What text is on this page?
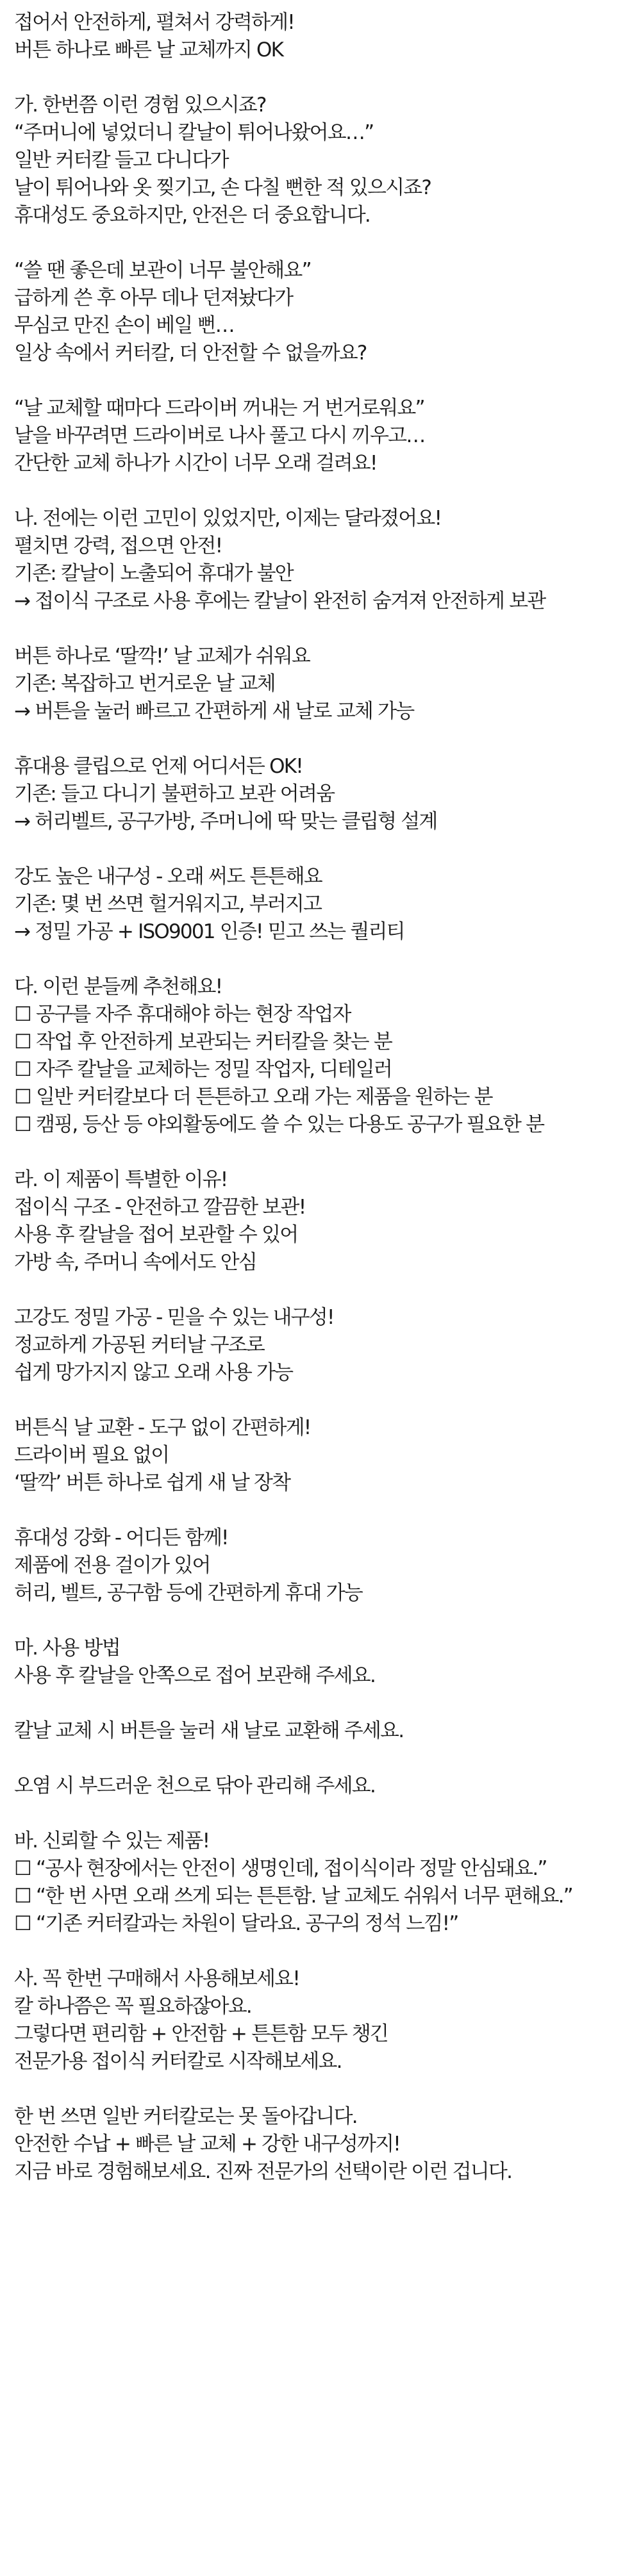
접어서 안전하게, 펼쳐서 강력하게!
버튼 하나로 빠른 날 교체까지 OK
가. 한번쯤 이런 경험 있으시죠?
“주머니에 넣었더니 칼날이 튀어나왔어요…”
일반 커터칼 들고 다니다가
날이 튀어나와 옷 찢기고, 손 다칠 뻔한 적 있으시죠?
휴대성도 중요하지만, 안전은 더 중요합니다.
“쓸 땐 좋은데 보관이 너무 불안해요”
급하게 쓴 후 아무 데나 던져놨다가
무심코 만진 손이 베일 뻔…
일상 속에서 커터칼, 더 안전할 수 없을까요?
“날 교체할 때마다 드라이버 꺼내는 거 번거로워요”
날을 바꾸려면 드라이버로 나사 풀고 다시 끼우고…
간단한 교체 하나가 시간이 너무 오래 걸려요!
나. 전에는 이런 고민이 있었지만, 이제는 달라졌어요!
펼치면 강력, 접으면 안전!
기존: 칼날이 노출되어 휴대가 불안
→ 접이식 구조로 사용 후에는 칼날이 완전히 숨겨져 안전하게 보관
버튼 하나로 ‘딸깍!’ 날 교체가 쉬워요
기존: 복잡하고 번거로운 날 교체
→ 버튼을 눌러 빠르고 간편하게 새 날로 교체 가능
휴대용 클립으로 언제 어디서든 OK!
기존: 들고 다니기 불편하고 보관 어려움
→ 허리벨트, 공구가방, 주머니에 딱 맞는 클립형 설계
강도 높은 내구성 - 오래 써도 튼튼해요
기존: 몇 번 쓰면 헐거워지고, 부러지고
→ 정밀 가공 + ISO9001 인증! 믿고 쓰는 퀄리티
다. 이런 분들께 추천해요!
☐ 공구를 자주 휴대해야 하는 현장 작업자
☐ 작업 후 안전하게 보관되는 커터칼을 찾는 분
☐ 자주 칼날을 교체하는 정밀 작업자, 디테일러
☐ 일반 커터칼보다 더 튼튼하고 오래 가는 제품을 원하는 분
☐ 캠핑, 등산 등 야외활동에도 쓸 수 있는 다용도 공구가 필요한 분
라. 이 제품이 특별한 이유!
접이식 구조 - 안전하고 깔끔한 보관!
사용 후 칼날을 접어 보관할 수 있어
가방 속, 주머니 속에서도 안심
고강도 정밀 가공 - 믿을 수 있는 내구성!
정교하게 가공된 커터날 구조로
쉽게 망가지지 않고 오래 사용 가능
버튼식 날 교환 - 도구 없이 간편하게!
드라이버 필요 없이
‘딸깍’ 버튼 하나로 쉽게 새 날 장착
휴대성 강화 - 어디든 함께!
제품에 전용 걸이가 있어
허리, 벨트, 공구함 등에 간편하게 휴대 가능
마. 사용 방법
사용 후 칼날을 안쪽으로 접어 보관해 주세요.
칼날 교체 시 버튼을 눌러 새 날로 교환해 주세요.
오염 시 부드러운 천으로 닦아 관리해 주세요.
바. 신뢰할 수 있는 제품!
☐ “공사 현장에서는 안전이 생명인데, 접이식이라 정말 안심돼요.”
☐ “한 번 사면 오래 쓰게 되는 튼튼함. 날 교체도 쉬워서 너무 편해요.”
☐ “기존 커터칼과는 차원이 달라요. 공구의 정석 느낌!”
사. 꼭 한번 구매해서 사용해보세요!
칼 하나쯤은 꼭 필요하잖아요.
그렇다면 편리함 + 안전함 + 튼튼함 모두 챙긴
전문가용 접이식 커터칼로 시작해보세요.
한 번 쓰면 일반 커터칼로는 못 돌아갑니다.
안전한 수납 + 빠른 날 교체 + 강한 내구성까지!
지금 바로 경험해보세요. 진짜 전문가의 선택이란 이런 겁니다.
